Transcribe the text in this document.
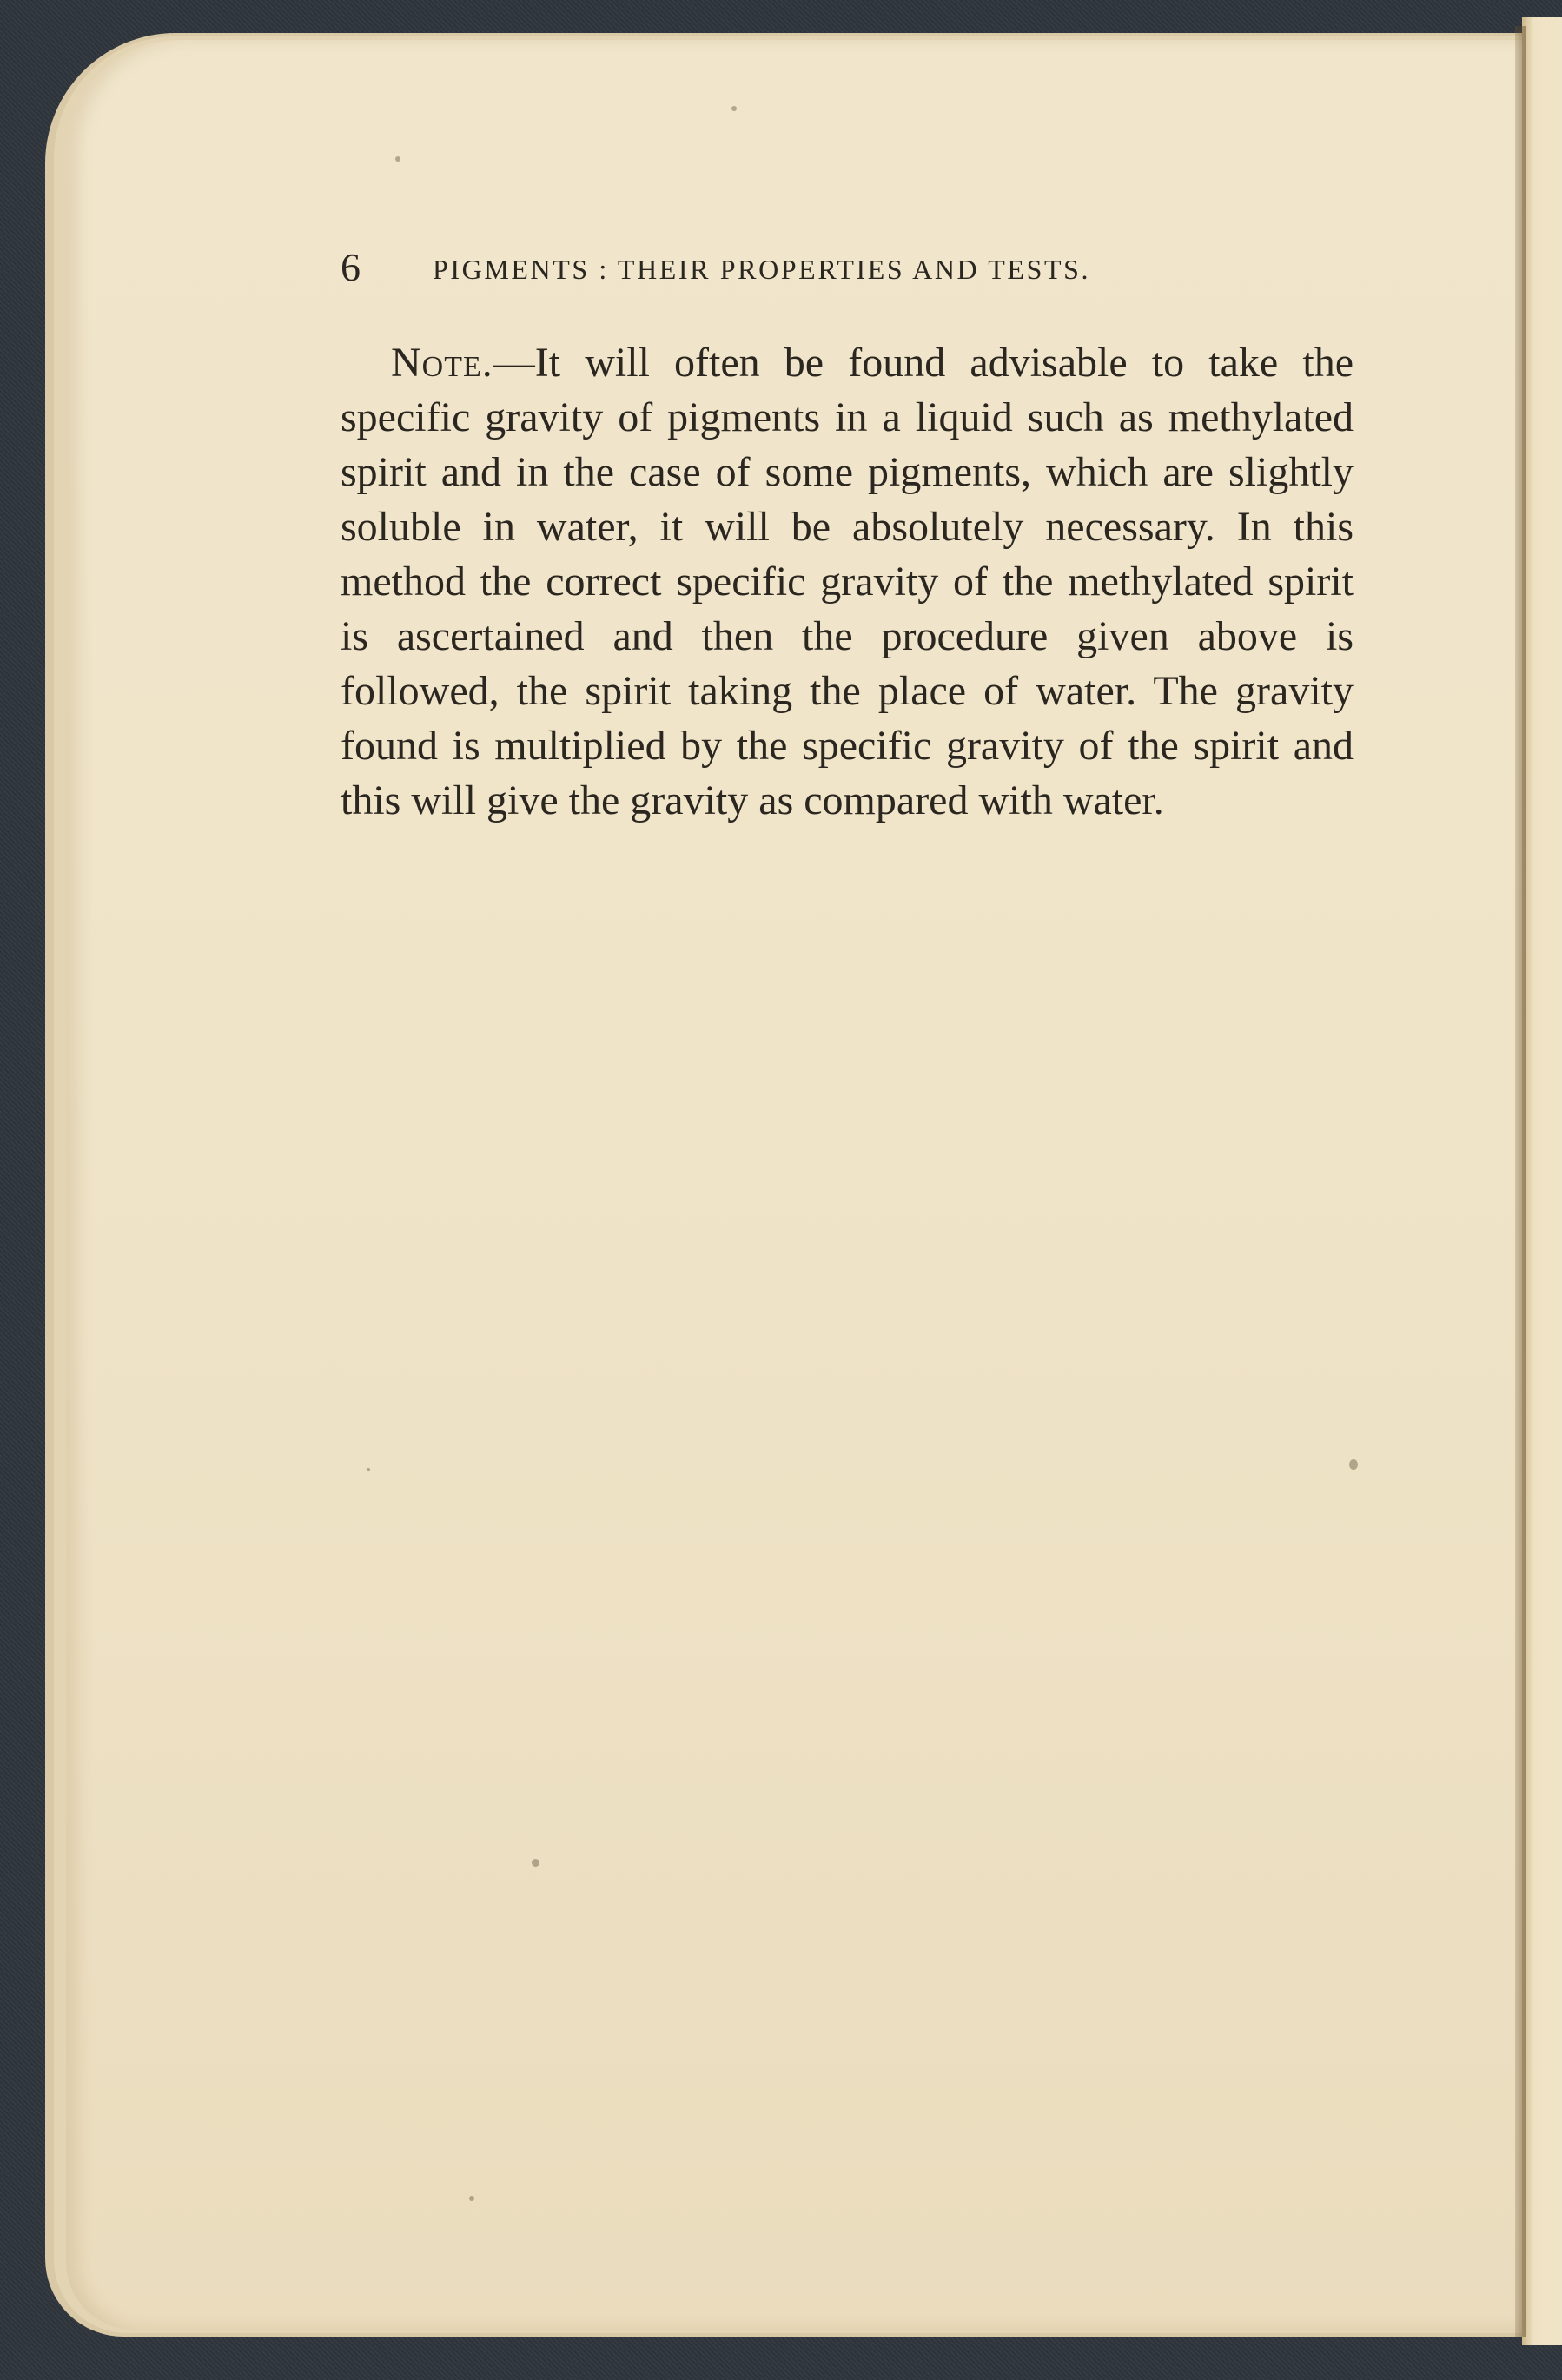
6	PIGMENTS : THEIR PROPERTIES AND TESTS.

Note.—It will often be found advisable to take the specific gravity of pigments in a liquid such as methylated spirit and in the case of some pigments, which are slightly soluble in water, it will be absolutely necessary. In this method the correct specific gravity of the methylated spirit is ascertained and then the procedure given above is followed, the spirit taking the place of water. The gravity found is multiplied by the specific gravity of the spirit and this will give the gravity as compared with water.
